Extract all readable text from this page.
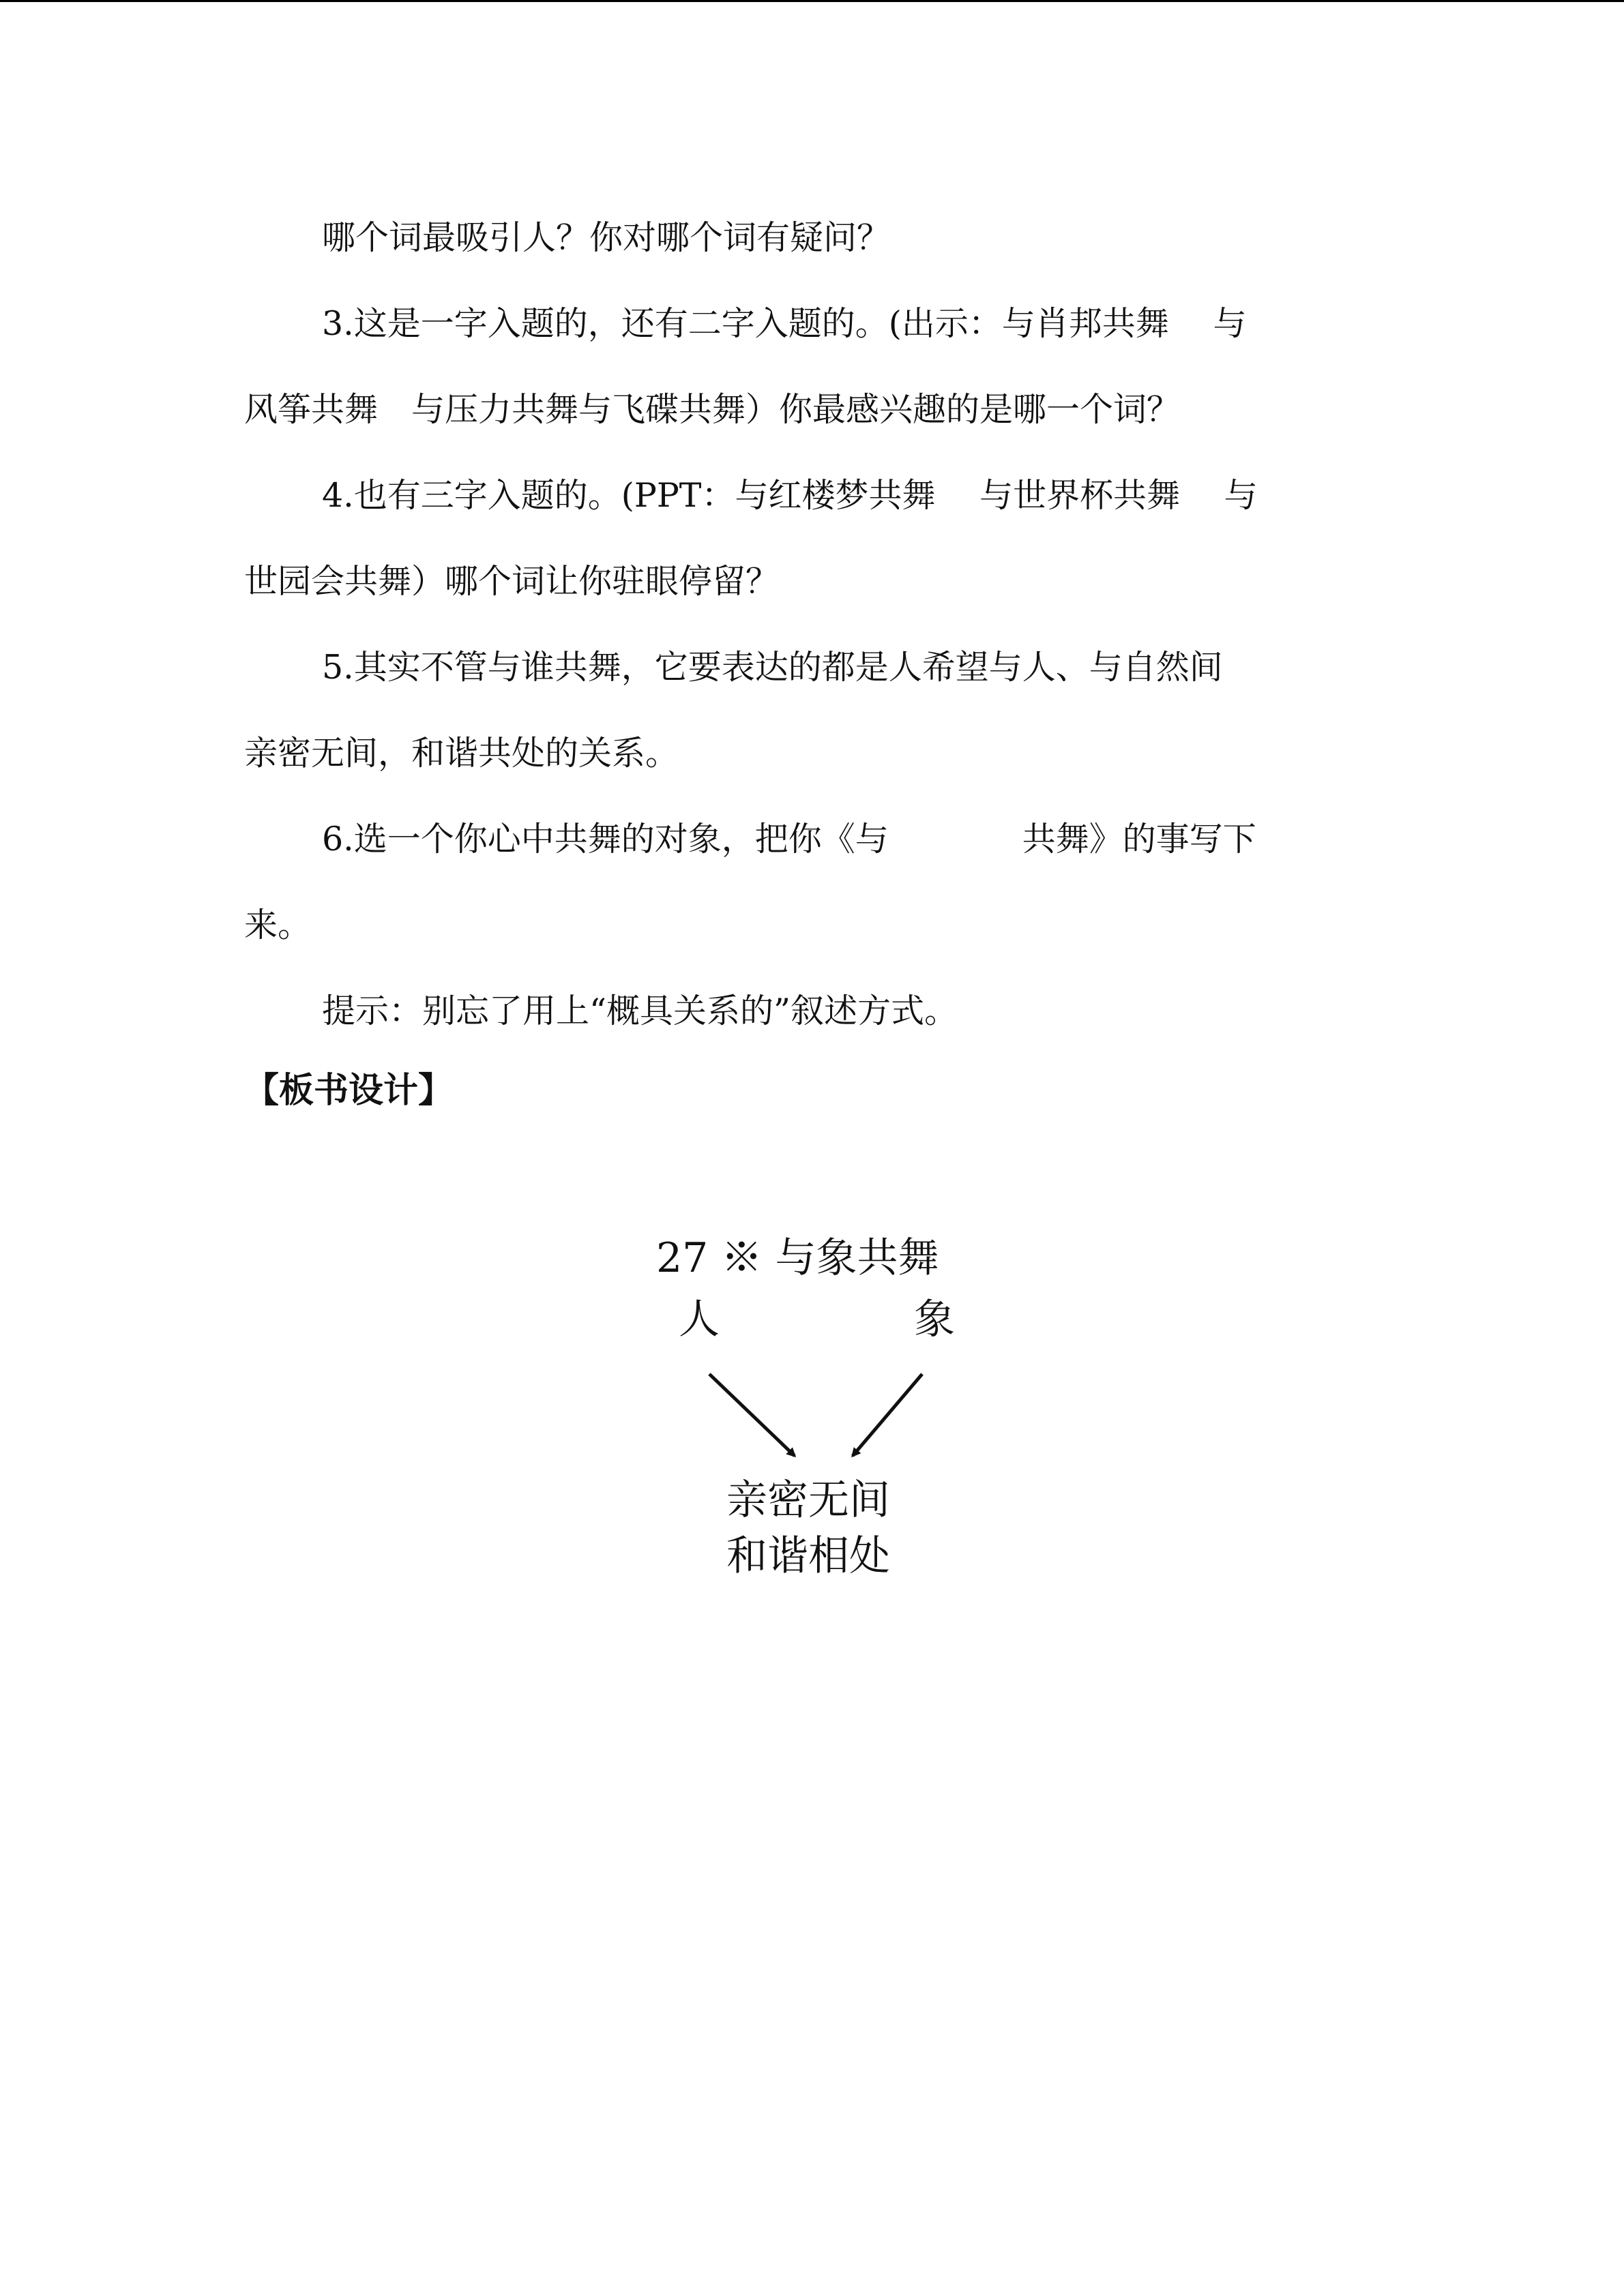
哪个词最吸引人？你对哪个词有疑问？
3.这是一字入题的，还有二字入题的。(出示：与肖邦共舞　 与
风筝共舞　与压力共舞与飞碟共舞）你最感兴趣的是哪一个词？
4.也有三字入题的。(PPT：与红楼梦共舞　 与世界杯共舞　 与
世园会共舞）哪个词让你驻眼停留？
5.其实不管与谁共舞，它要表达的都是人希望与人、与自然间
亲密无间，和谐共处的关系。
6.选一个你心中共舞的对象，把你《与　　　　共舞》的事写下
来。
提示：别忘了用上“概具关系的”叙述方式。
【板书设计】
27 ※ 与象共舞
人	象
亲密无间
和谐相处
